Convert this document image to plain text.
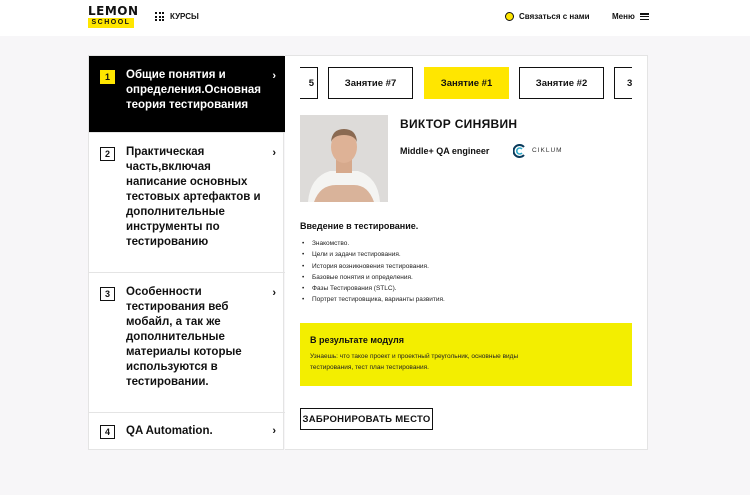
LEMON
SCHOOL
КУРСЫ	Связаться с нами	Меню
1	Общие понятия и определения.Основная теория тестирования
›
2	Практическая часть,включая написание основных тестовых артефактов и дополнительные инструменты по тестированию
›
3	Особенности тестирования веб мобайл, а так же дополнительные материалы которые используются в тестировании.
›
4	QA Automation.	›
5	Занятие #7	Занятие #1	Занятие #2	3
ВИКТОР СИНЯВИН
Middle+ QA engineer	CIKLUM
Введение в тестирование.
• Знакомство.
• Цели и задачи тестирования.
• История возникновения тестирования.
• Базовые понятия и определения.
• Фазы Тестирования (STLC).
• Портрет тестировщика, варианты развития.
В результате модуля
Узнаешь: что такое проект и проектный треугольник, основные виды тестирования, тест план тестирования.
ЗАБРОНИРОВАТЬ МЕСТО
